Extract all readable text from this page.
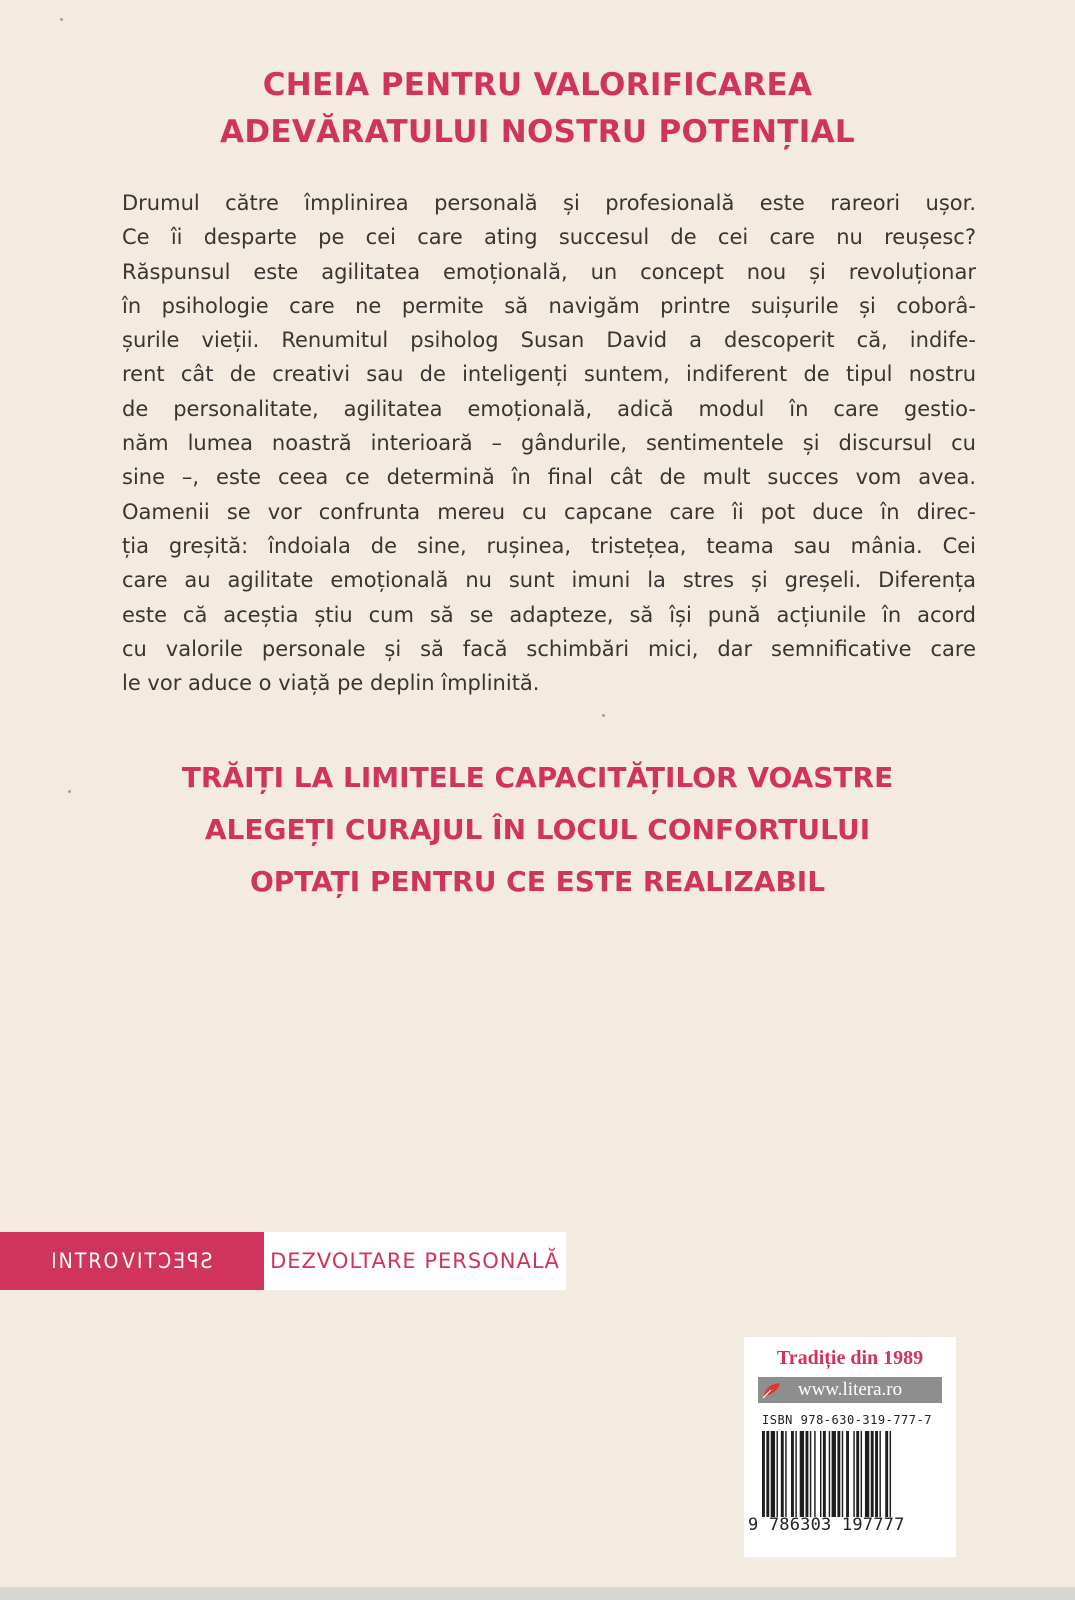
CHEIA PENTRU VALORIFICAREA
ADEVĂRATULUI NOSTRU POTENȚIAL
Drumul către împlinirea personală și profesională este rareori ușor.
Ce îi desparte pe cei care ating succesul de cei care nu reușesc?
Răspunsul este agilitatea emoțională, un concept nou și revoluționar
în psihologie care ne permite să navigăm printre suișurile și coborâ-
șurile vieții. Renumitul psiholog Susan David a descoperit că, indife-
rent cât de creativi sau de inteligenți suntem, indiferent de tipul nostru
de personalitate, agilitatea emoțională, adică modul în care gestio-
năm lumea noastră interioară – gândurile, sentimentele și discursul cu
sine –, este ceea ce determină în final cât de mult succes vom avea.
Oamenii se vor confrunta mereu cu capcane care îi pot duce în direc-
ția greșită: îndoiala de sine, rușinea, tristețea, teama sau mânia. Cei
care au agilitate emoțională nu sunt imuni la stres și greșeli. Diferența
este că aceștia știu cum să se adapteze, să își pună acțiunile în acord
cu valorile personale și să facă schimbări mici, dar semnificative care
le vor aduce o viață pe deplin împlinită.
TRĂIȚI LA LIMITELE CAPACITĂȚILOR VOASTRE
ALEGEȚI CURAJUL ÎN LOCUL CONFORTULUI
OPTAȚI PENTRU CE ESTE REALIZABIL
INTRO SPECTIV	DEZVOLTARE PERSONALĂ
Tradiție din 1989
www.litera.ro
ISBN 978-630-319-777-7
9 786303 197777
